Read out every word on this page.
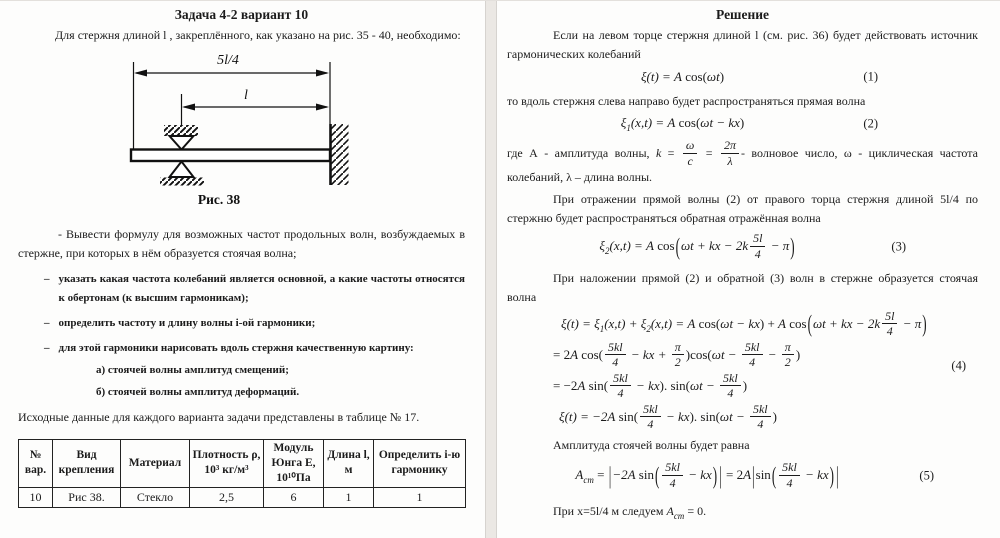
Задача 4-2 вариант 10

Для стержня длиной l , закреплённого, как указано на рис. 35 - 40, необходимо:

5l/4
l
Рис. 38

- Вывести формулу для возможных частот продольных волн, возбуждаемых в стержне, при которых в нём образуется стоячая волна;

– указать какая частота колебаний является основной, а какие частоты относятся к обертонам (к высшим гармоникам);
– определить частоту и длину волны i-ой гармоники;
– для этой гармоники нарисовать вдоль стержня качественную картину:
а) стоячей волны амплитуд смещений;
б) стоячей волны амплитуд деформаций.

Исходные данные для каждого варианта задачи представлены в таблице № 17.

№ вар.	Вид крепления	Материал	Плотность ρ, 10³ кг/м³	Модуль Юнга Е, 10¹⁰Па	Длина l, м	Определить i-ю гармонику
10	Рис 38.	Стекло	2,5	6	1	1
Решение

Если на левом торце стержня длиной l (см. рис. 36) будет действовать источник гармонических колебаний

ξ(t) = A cos(ωt)	(1)

то вдоль стержня слева направо будет распространяться прямая волна

$\xi_1(x,t) = A$ cos(ωt − kx)	(2)

где А - амплитуда волны, $k = \frac{\omega}{c} = \frac{2\pi}{\lambda}$ - волновое число, ω - циклическая частота колебаний, λ – длина волны.

При отражении прямой волны (2) от правого торца стержня длиной 5l/4 по стержню будет распространяться обратная отражённая волна

$\xi_2(x,t) = A$ cos(ωt + kx − $2k \frac{5l}{4} - \pi$)	(3)

При наложении прямой (2) и обратной (3) волн в стержне образуется стоячая волна

$\xi(t) = \xi_1(x,t) + \xi_2(x,t) = A$ cos(ωt − kx) + A cos(ωt + kx − $2k \frac{5l}{4} - \pi$)
= 2A $\cos( \frac{5kl}{4}$ − kx + $\frac{\pi}{2} )\cos(\omega t - \frac{5kl}{4} - \frac{\pi}{2}$ )
= −2A $\sin( \frac{5kl}{4} - kx)$. $\sin(\omega t - \frac{5kl}{4}$ )
ξ(t) = −2A $\sin( \frac{5kl}{4} - kx)$. $\sin(\omega t - \frac{5kl}{4}$ )
(4)

Амплитуда стоячей волны будет равна

$A_{ст} = |-2A$ $\sin( \frac{5kl}{4} - kx)$ | = $2A|\sin( \frac{5kl}{4} - kx)$ |	(5)

При х=5l/4 м следуем $A_{ст} = 0$.
